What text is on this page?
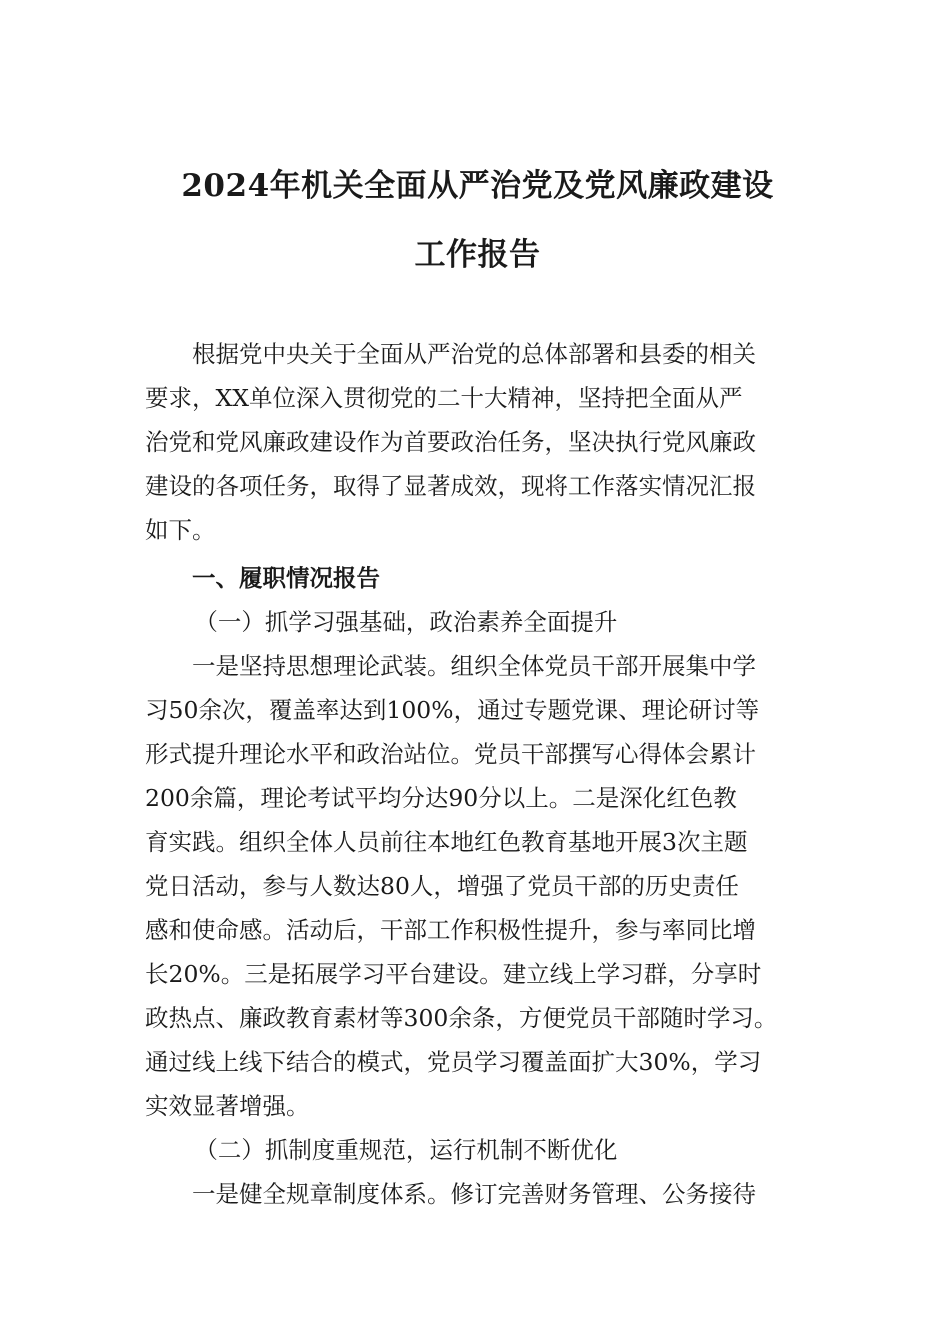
2024年机关全面从严治党及党风廉政建设
工作报告
根据党中央关于全面从严治党的总体部署和县委的相关
要求，XX单位深入贯彻党的二十大精神，坚持把全面从严
治党和党风廉政建设作为首要政治任务，坚决执行党风廉政
建设的各项任务，取得了显著成效，现将工作落实情况汇报
如下。
一、履职情况报告
（一）抓学习强基础，政治素养全面提升
一是坚持思想理论武装。组织全体党员干部开展集中学
习50余次，覆盖率达到100%，通过专题党课、理论研讨等
形式提升理论水平和政治站位。党员干部撰写心得体会累计
200余篇，理论考试平均分达90分以上。二是深化红色教
育实践。组织全体人员前往本地红色教育基地开展3次主题
党日活动，参与人数达80人，增强了党员干部的历史责任
感和使命感。活动后，干部工作积极性提升，参与率同比增
长20%。三是拓展学习平台建设。建立线上学习群，分享时
政热点、廉政教育素材等300余条，方便党员干部随时学习。
通过线上线下结合的模式，党员学习覆盖面扩大30%，学习
实效显著增强。
（二）抓制度重规范，运行机制不断优化
一是健全规章制度体系。修订完善财务管理、公务接待
